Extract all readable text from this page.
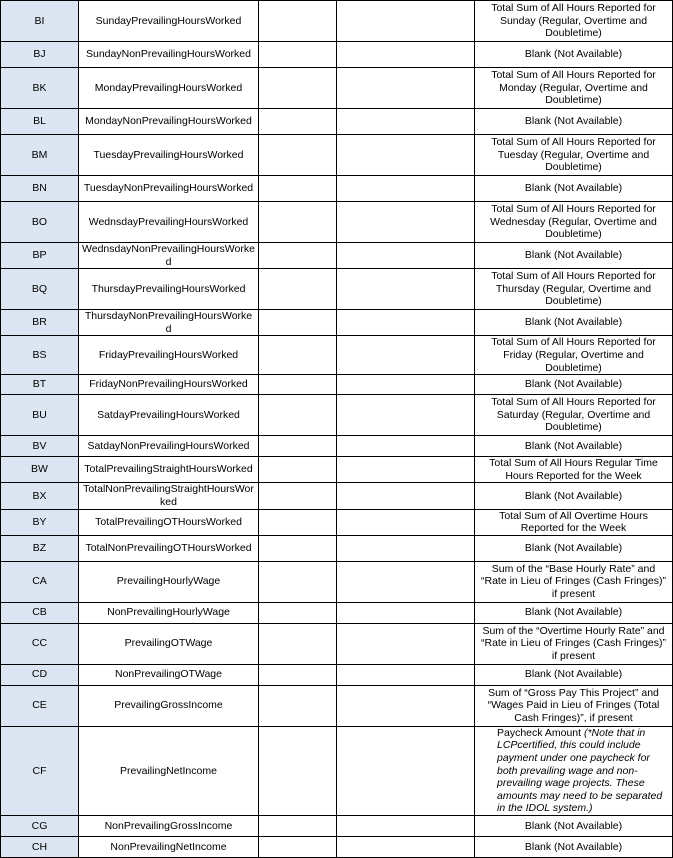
BI	SundayPrevailingHoursWorked			Total Sum of All Hours Reported for Sunday (Regular, Overtime and Doubletime)
BJ	SundayNonPrevailingHoursWorked			Blank (Not Available)
BK	MondayPrevailingHoursWorked			Total Sum of All Hours Reported for Monday (Regular, Overtime and Doubletime)
BL	MondayNonPrevailingHoursWorked			Blank (Not Available)
BM	TuesdayPrevailingHoursWorked			Total Sum of All Hours Reported for Tuesday (Regular, Overtime and Doubletime)
BN	TuesdayNonPrevailingHoursWorked			Blank (Not Available)
BO	WednsdayPrevailingHoursWorked			Total Sum of All Hours Reported for Wednesday (Regular, Overtime and Doubletime)
BP	WednsdayNonPrevailingHoursWorked			Blank (Not Available)
BQ	ThursdayPrevailingHoursWorked			Total Sum of All Hours Reported for Thursday (Regular, Overtime and Doubletime)
BR	ThursdayNonPrevailingHoursWorked			Blank (Not Available)
BS	FridayPrevailingHoursWorked			Total Sum of All Hours Reported for Friday (Regular, Overtime and Doubletime)
BT	FridayNonPrevailingHoursWorked			Blank (Not Available)
BU	SatdayPrevailingHoursWorked			Total Sum of All Hours Reported for Saturday (Regular, Overtime and Doubletime)
BV	SatdayNonPrevailingHoursWorked			Blank (Not Available)
BW	TotalPrevailingStraightHoursWorked			Total Sum of All Hours Regular Time Hours Reported for the Week
BX	TotalNonPrevailingStraightHoursWorked			Blank (Not Available)
BY	TotalPrevailingOTHoursWorked			Total Sum of All Overtime Hours Reported for the Week
BZ	TotalNonPrevailingOTHoursWorked			Blank (Not Available)
CA	PrevailingHourlyWage			Sum of the “Base Hourly Rate” and “Rate in Lieu of Fringes (Cash Fringes)” if present
CB	NonPrevailingHourlyWage			Blank (Not Available)
CC	PrevailingOTWage			Sum of the “Overtime Hourly Rate” and “Rate in Lieu of Fringes (Cash Fringes)” if present
CD	NonPrevailingOTWage			Blank (Not Available)
CE	PrevailingGrossIncome			Sum of “Gross Pay This Project” and “Wages Paid in Lieu of Fringes (Total Cash Fringes)”, if present
CF	PrevailingNetIncome			Paycheck Amount (*Note that in LCPcertified, this could include payment under one paycheck for both prevailing wage and non-prevailing wage projects. These amounts may need to be separated in the IDOL system.)
CG	NonPrevailingGrossIncome			Blank (Not Available)
CH	NonPrevailingNetIncome			Blank (Not Available)
